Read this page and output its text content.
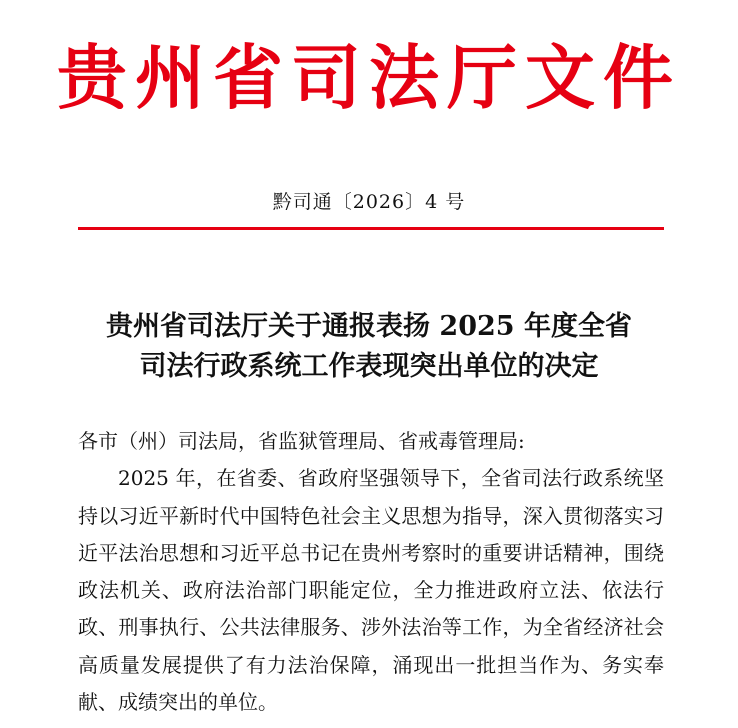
贵州省司法厅文件
黔司通〔2026〕4 号
贵州省司法厅关于通报表扬 2025 年度全省
司法行政系统工作表现突出单位的决定

各市（州）司法局，省监狱管理局、省戒毒管理局:

2025 年，在省委、省政府坚强领导下，全省司法行政系统坚持以习近平新时代中国特色社会主义思想为指导，深入贯彻落实习近平法治思想和习近平总书记在贵州考察时的重要讲话精神，围绕政法机关、政府法治部门职能定位，全力推进政府立法、依法行政、刑事执行、公共法律服务、涉外法治等工作，为全省经济社会高质量发展提供了有力法治保障，涌现出一批担当作为、务实奉献、成绩突出的单位。
